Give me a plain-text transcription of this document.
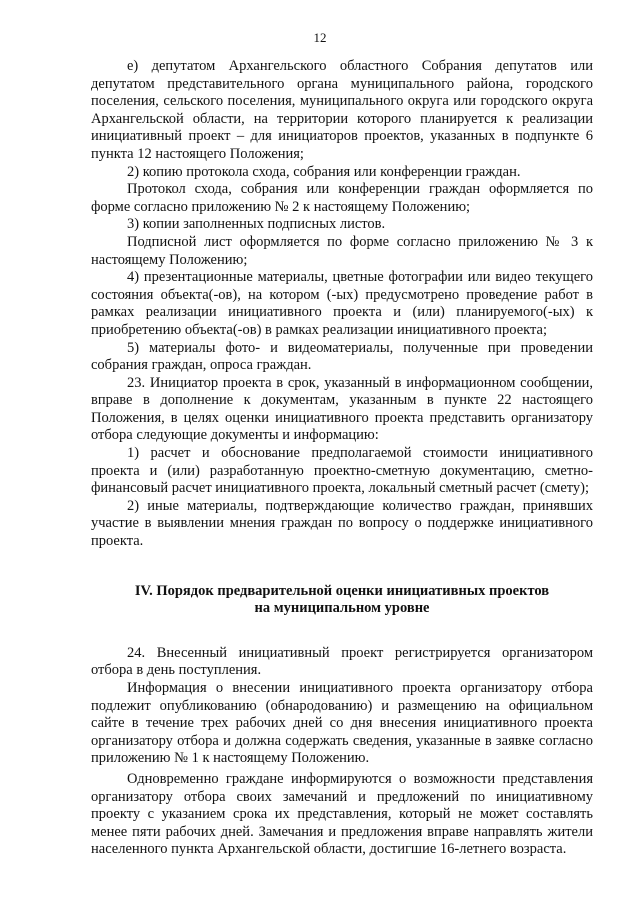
12

е) депутатом Архангельского областного Собрания депутатов или депутатом представительного органа муниципального района, городского поселения, сельского поселения, муниципального округа или городского округа Архангельской области, на территории которого планируется к реализации инициативный проект – для инициаторов проектов, указанных в подпункте 6 пункта 12 настоящего Положения;

2) копию протокола схода, собрания или конференции граждан.

Протокол схода, собрания или конференции граждан оформляется по форме согласно приложению № 2 к настоящему Положению;

3) копии заполненных подписных листов.

Подписной лист оформляется по форме согласно приложению № 3 к настоящему Положению;

4) презентационные материалы, цветные фотографии или видео текущего состояния объекта(-ов), на котором (-ых) предусмотрено проведение работ в рамках реализации инициативного проекта и (или) планируемого(-ых) к приобретению объекта(-ов) в рамках реализации инициативного проекта;

5) материалы фото- и видеоматериалы, полученные при проведении собрания граждан, опроса граждан.

23. Инициатор проекта в срок, указанный в информационном сообщении, вправе в дополнение к документам, указанным в пункте 22 настоящего Положения, в целях оценки инициативного проекта представить организатору отбора следующие документы и информацию:

1) расчет и обоснование предполагаемой стоимости инициативного проекта и (или) разработанную проектно-сметную документацию, сметно-финансовый расчет инициативного проекта, локальный сметный расчет (смету);

2) иные материалы, подтверждающие количество граждан, принявших участие в выявлении мнения граждан по вопросу о поддержке инициативного проекта.

IV. Порядок предварительной оценки инициативных проектов
на муниципальном уровне

24. Внесенный инициативный проект регистрируется организатором отбора в день поступления.

Информация о внесении инициативного проекта организатору отбора подлежит опубликованию (обнародованию) и размещению на официальном сайте в течение трех рабочих дней со дня внесения инициативного проекта организатору отбора и должна содержать сведения, указанные в заявке согласно приложению № 1 к настоящему Положению.

Одновременно граждане информируются о возможности представления организатору отбора своих замечаний и предложений по инициативному проекту с указанием срока их представления, который не может составлять менее пяти рабочих дней. Замечания и предложения вправе направлять жители населенного пункта Архангельской области, достигшие 16-летнего возраста.
